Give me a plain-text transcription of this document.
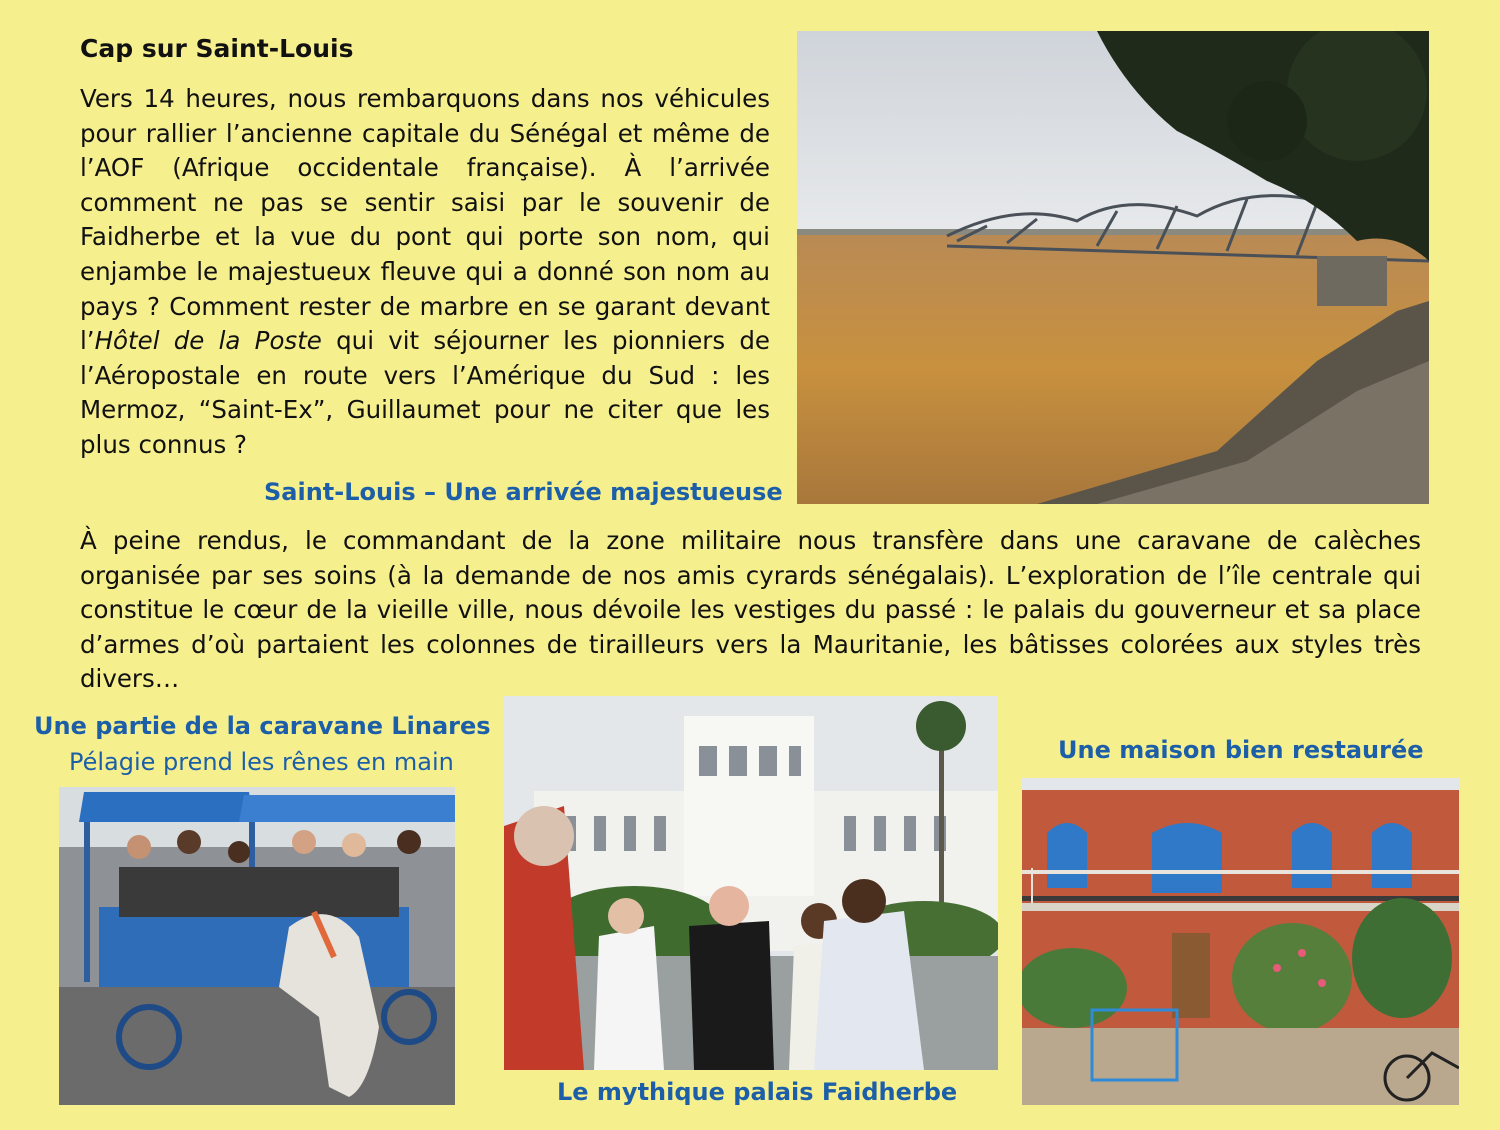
Cap sur Saint-Louis
Vers 14 heures, nous rembarquons dans nos véhicules pour rallier l’ancienne capitale du Sénégal et même de l’AOF (Afrique occidentale française). À l’arrivée comment ne pas se sentir saisi par le souvenir de Faidherbe et la vue du pont qui porte son nom, qui enjambe le majestueux fleuve qui a donné son nom au pays ? Comment rester de marbre en se garant devant l’Hôtel de la Poste qui vit séjourner les pionniers de l’Aéropostale en route vers l’Amérique du Sud : les Mermoz, “Saint-Ex”, Guillaumet pour ne citer que les plus connus ?
Saint-Louis – Une arrivée majestueuse
À peine rendus, le commandant de la zone militaire nous transfère dans une caravane de calèches organisée par ses soins (à la demande de nos amis cyrards sénégalais). L’exploration de l’île centrale qui constitue le cœur de la vieille ville, nous dévoile les vestiges du passé : le palais du gouverneur et sa place d’armes d’où partaient les colonnes de tirailleurs vers la Mauritanie, les bâtisses colorées aux styles très divers…
Une partie de la caravane Linares
Pélagie prend les rênes en main
Le mythique palais Faidherbe
Une maison bien restaurée
